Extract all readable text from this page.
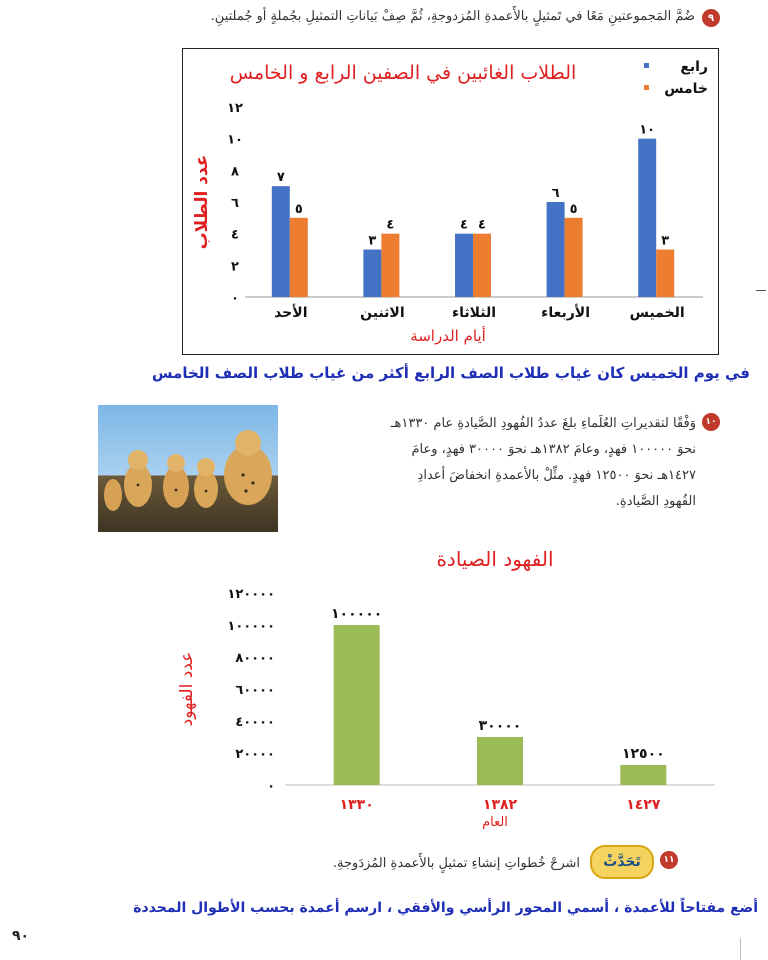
٩
ضُمَّ المَجموعتينِ مَعًا في تَمثيلٍ بالأَعمدةِ المُزدوجةِ، ثُمَّ صِفْ بَياناتِ التمثيلِ بجُملةٍ أو جُملتينِ.
الطلاب الغائبين في الصفين الرابع و الخامس	رابع
خامس
٠
٢
٤
٦
٨
١٠
١٢
عدد الطلاب	٧
٥
الأحد
٣
٤
الاثنين
٤ ٤
الثلاثاء
٦
٥
الأربعاء
١٠
٣
الخميس
أيام الدراسة
في يوم الخميس كان غياب طلاب الصف الرابع أكثر من غياب طلاب الصف الخامس
١٠
وَفْقًا لتقديراتِ العُلَماءِ بلغَ عددُ الفُهودِ الصَّيادةِ عام ١٣٣٠هـ
نحوَ ١٠٠٠٠٠ فهدٍ، وعامَ ١٣٨٢هـ نحوَ ٣٠٠٠٠ فهدٍ، وعامَ
١٤٢٧هـ نحوَ ١٢٥٠٠ فهدٍ. مثِّلْ بالأعمدةِ انخفاضَ أعدادِ
الفُهودِ الصَّيادةِ.
الفهود الصيادة
٠
٢٠٠٠٠
٤٠٠٠٠
٦٠٠٠٠
٨٠٠٠٠
١٠٠٠٠٠
١٢٠٠٠٠
عدد الفهود
١٠٠٠٠٠
١٣٣٠
٣٠٠٠٠
١٣٨٢
١٢٥٠٠
١٤٢٧
العام
١١
تَحَدَّثْ
اشرحْ خُطواتِ إنشاءِ تمثيلٍ بالأَعمدةِ المُزدَوجةِ.
أضع مفتاحاً للأعمدة ، أسمي المحور الرأسي والأفقي ، ارسم أعمدة بحسب الأطوال المحددة
٩٠
